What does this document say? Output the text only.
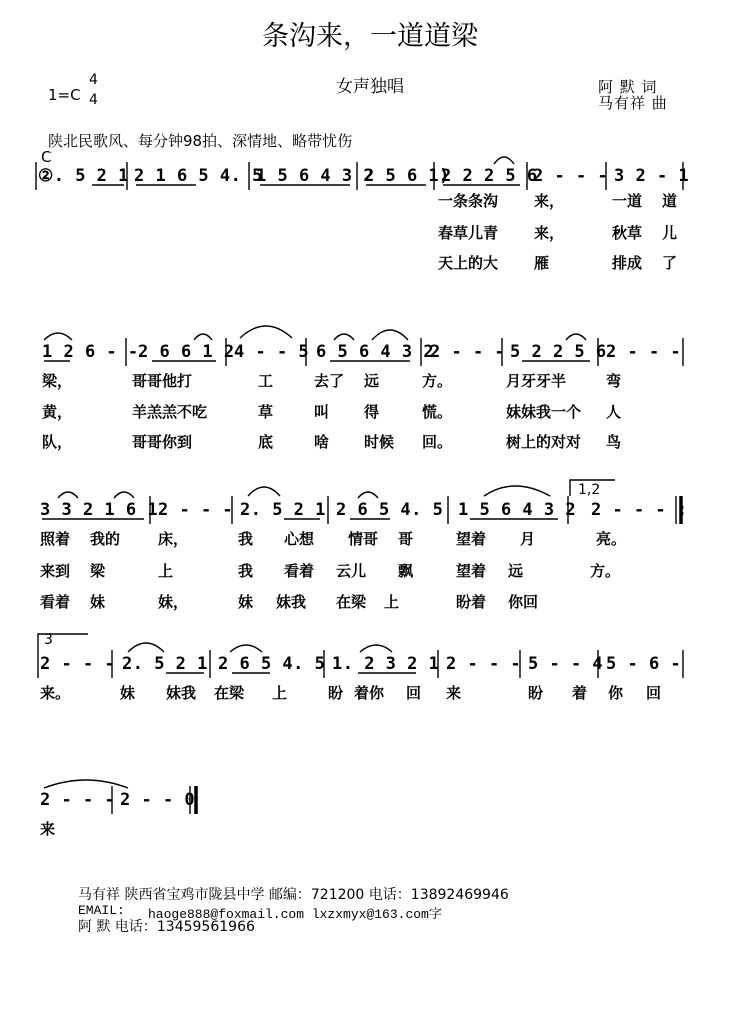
条沟来，一道道梁
女声独唱
1=C
4
4
阿 默 词
马有祥 曲
陕北民歌风、每分钟98拍、深情地、略带忧伤
C
②. 5 2 1 2 1 6 5 4. 5
1 5 6 4 3 2
2 5 6 1)
2 2 2 5 6
2 - - - 3 2 - 1
一条条沟 来，	一道 道
春草儿青 来，	秋草 儿
天上的大 雁	排成 了
1 2 6 - - 2 6 6 1 2 4 - - 5 6 5 6 4 3 2
2 - - - 5 2 2 5 6 2 - - -
梁，	哥哥他打	工	去了 远	方。	月牙牙半	弯
黄，	羊羔羔不吃	草	叫 得	慌。	妹妹我一个 人
队，	哥哥你到	底	啥 时候 回。	树上的对对 鸟
3 3 2 1 6 1 2 - - - 2. 5 2 1 2 6 5 4. 5 1 5 6 4 3 2 2 - - - :
1,2
照着 我的	床，	我 心想 情哥 哥	望着 月	亮。
来到 梁	上	我 看着 云儿 飘	望着 远	方。
看着 妹	妹，	妹 妹我 在梁 上	盼着 你回
3
2 - - - 2. 5 2 1 2 6 5 4. 5 1. 2 3 2 1 2 - - - 5 - - 4 5 - 6 -
来。	妹 妹我 在梁 上	盼 着你 回 来	盼 着 你 回
2 - - - 2 - - 0
来
马有祥 陕西省宝鸡市陇县中学 邮编：721200 电话：13892469946
EMAIL: haoge888@foxmail.com lxzxmyx@163.com字
阿 默 电话：13459561966
